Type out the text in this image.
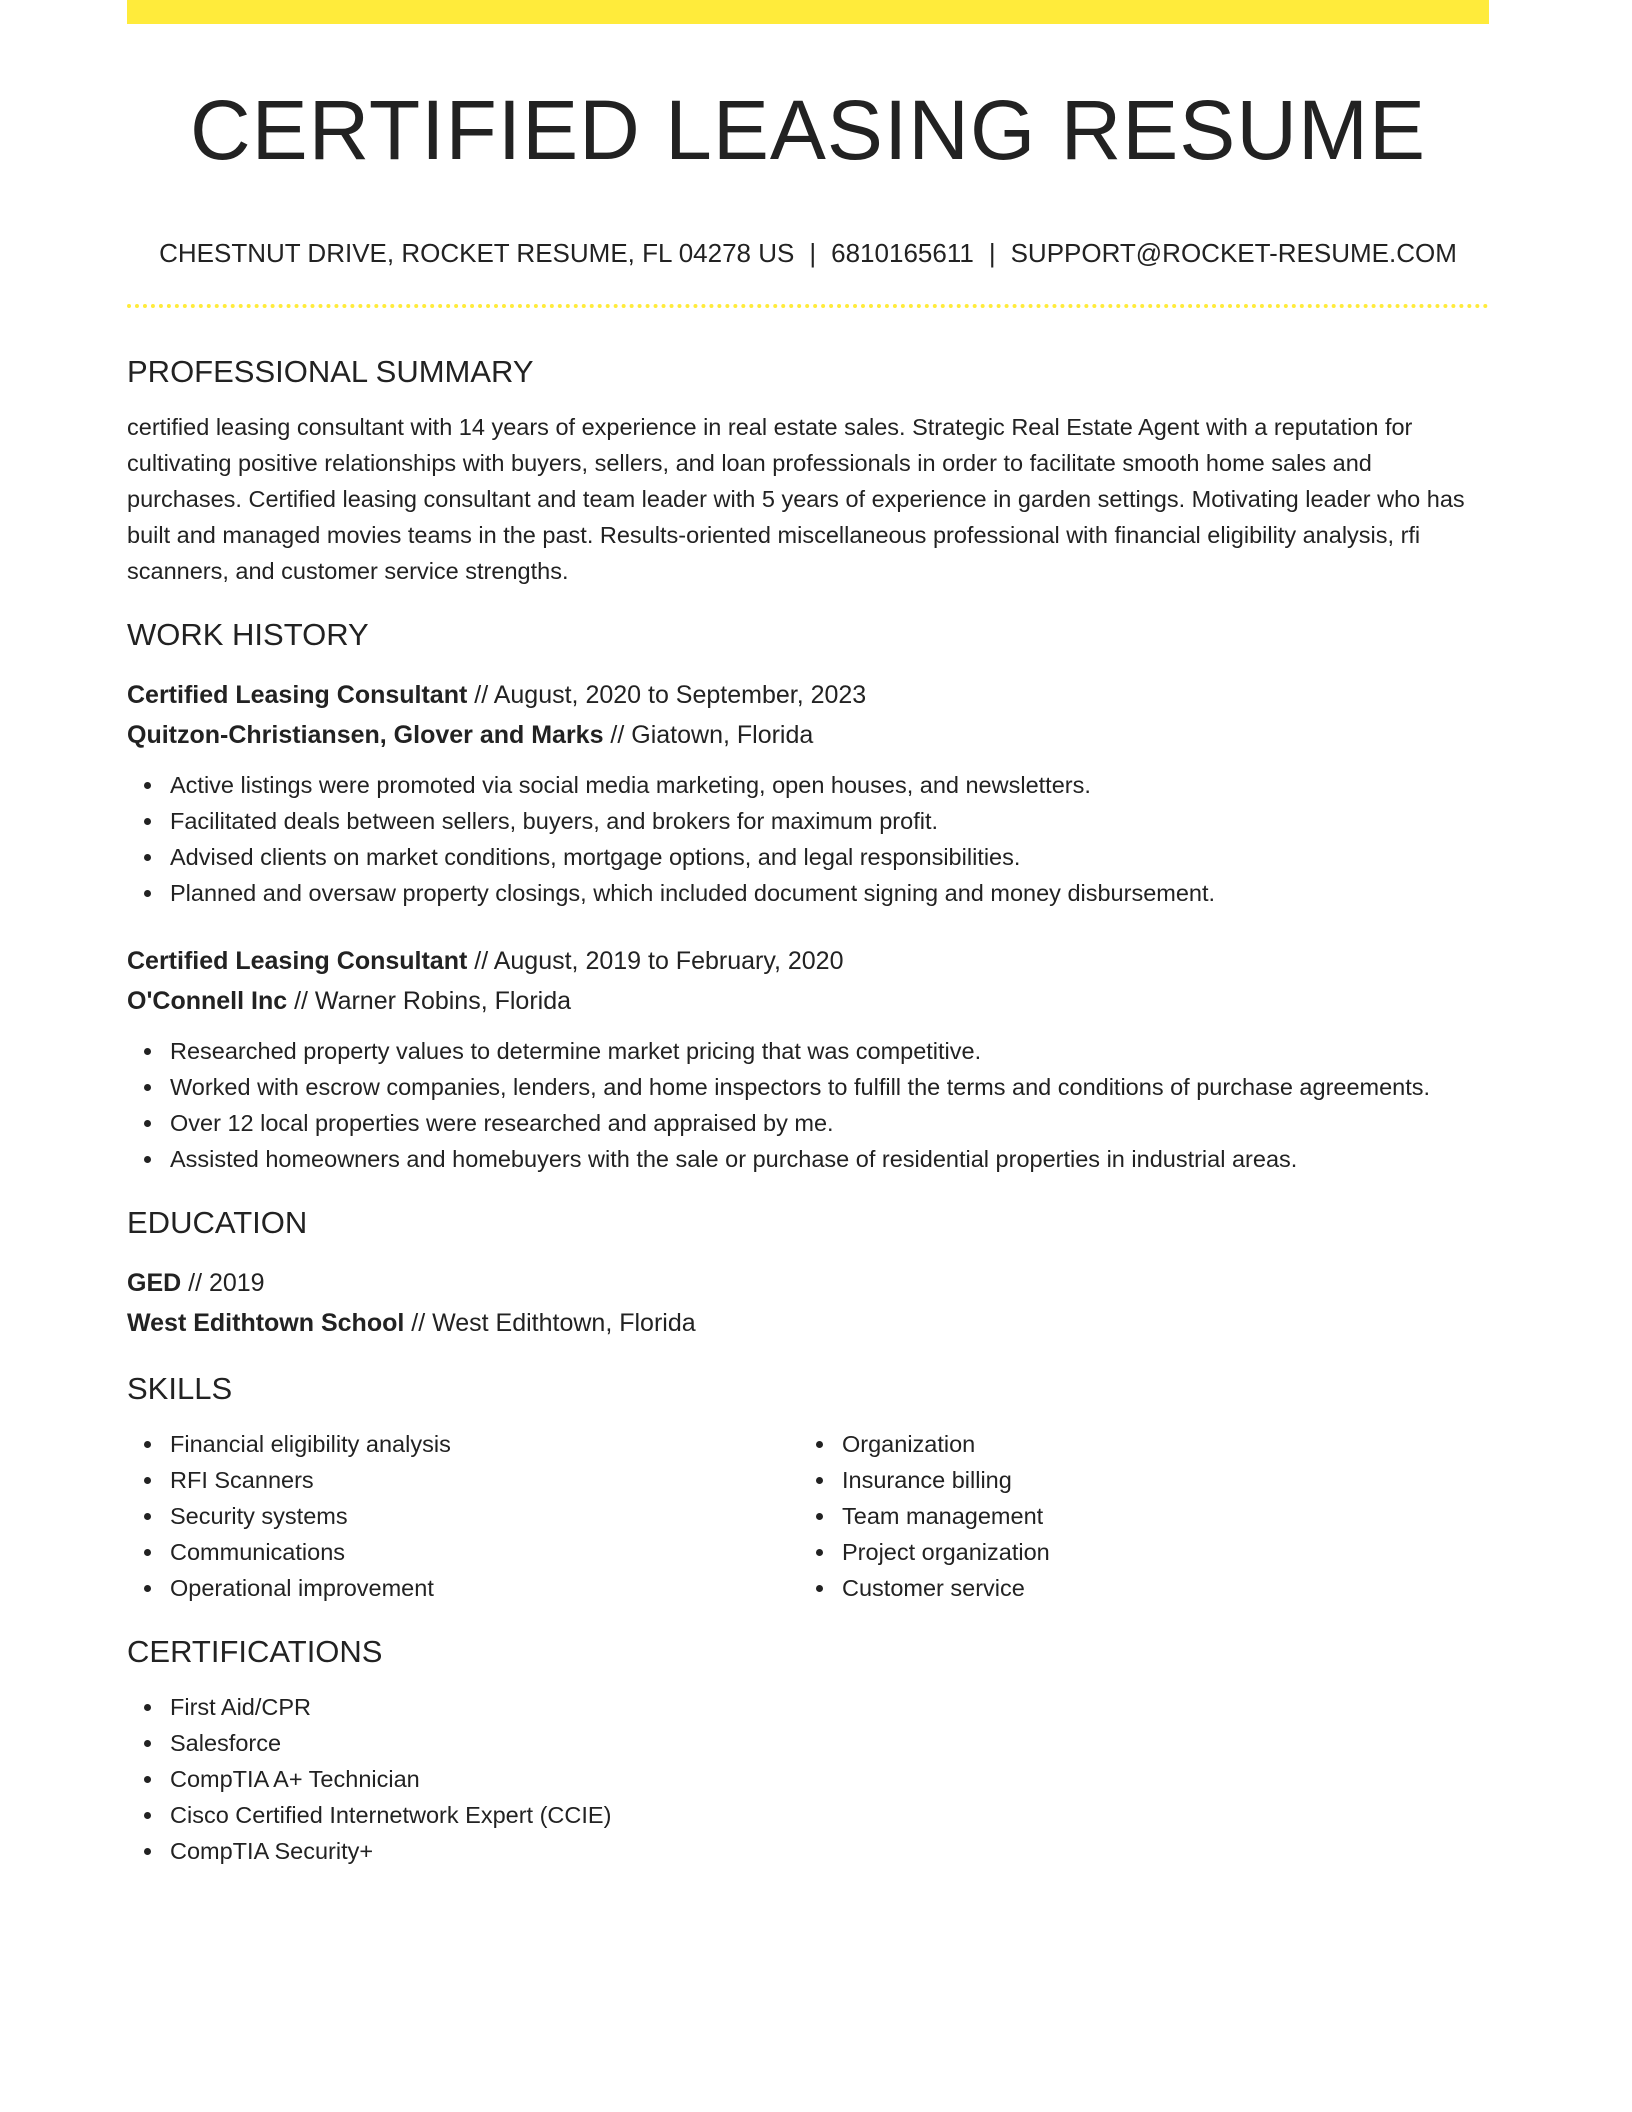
CERTIFIED LEASING RESUME
CHESTNUT DRIVE, ROCKET RESUME, FL 04278 US | 6810165611 | SUPPORT@ROCKET-RESUME.COM
PROFESSIONAL SUMMARY

certified leasing consultant with 14 years of experience in real estate sales. Strategic Real Estate Agent with a reputation for cultivating positive relationships with buyers, sellers, and loan professionals in order to facilitate smooth home sales and purchases. Certified leasing consultant and team leader with 5 years of experience in garden settings. Motivating leader who has built and managed movies teams in the past. Results-oriented miscellaneous professional with financial eligibility analysis, rfi scanners, and customer service strengths.

WORK HISTORY
Certified Leasing Consultant // August, 2020 to September, 2023
Quitzon-Christiansen, Glover and Marks // Giatown, Florida
Active listings were promoted via social media marketing, open houses, and newsletters.
Facilitated deals between sellers, buyers, and brokers for maximum profit.
Advised clients on market conditions, mortgage options, and legal responsibilities.
Planned and oversaw property closings, which included document signing and money disbursement.
Certified Leasing Consultant // August, 2019 to February, 2020
O'Connell Inc // Warner Robins, Florida
Researched property values to determine market pricing that was competitive.
Worked with escrow companies, lenders, and home inspectors to fulfill the terms and conditions of purchase agreements.
Over 12 local properties were researched and appraised by me.
Assisted homeowners and homebuyers with the sale or purchase of residential properties in industrial areas.
EDUCATION
GED // 2019
West Edithtown School // West Edithtown, Florida
SKILLS
Financial eligibility analysis
RFI Scanners
Security systems
Communications
Operational improvement
Organization
Insurance billing
Team management
Project organization
Customer service
CERTIFICATIONS
First Aid/CPR
Salesforce
CompTIA A+ Technician
Cisco Certified Internetwork Expert (CCIE)
CompTIA Security+
